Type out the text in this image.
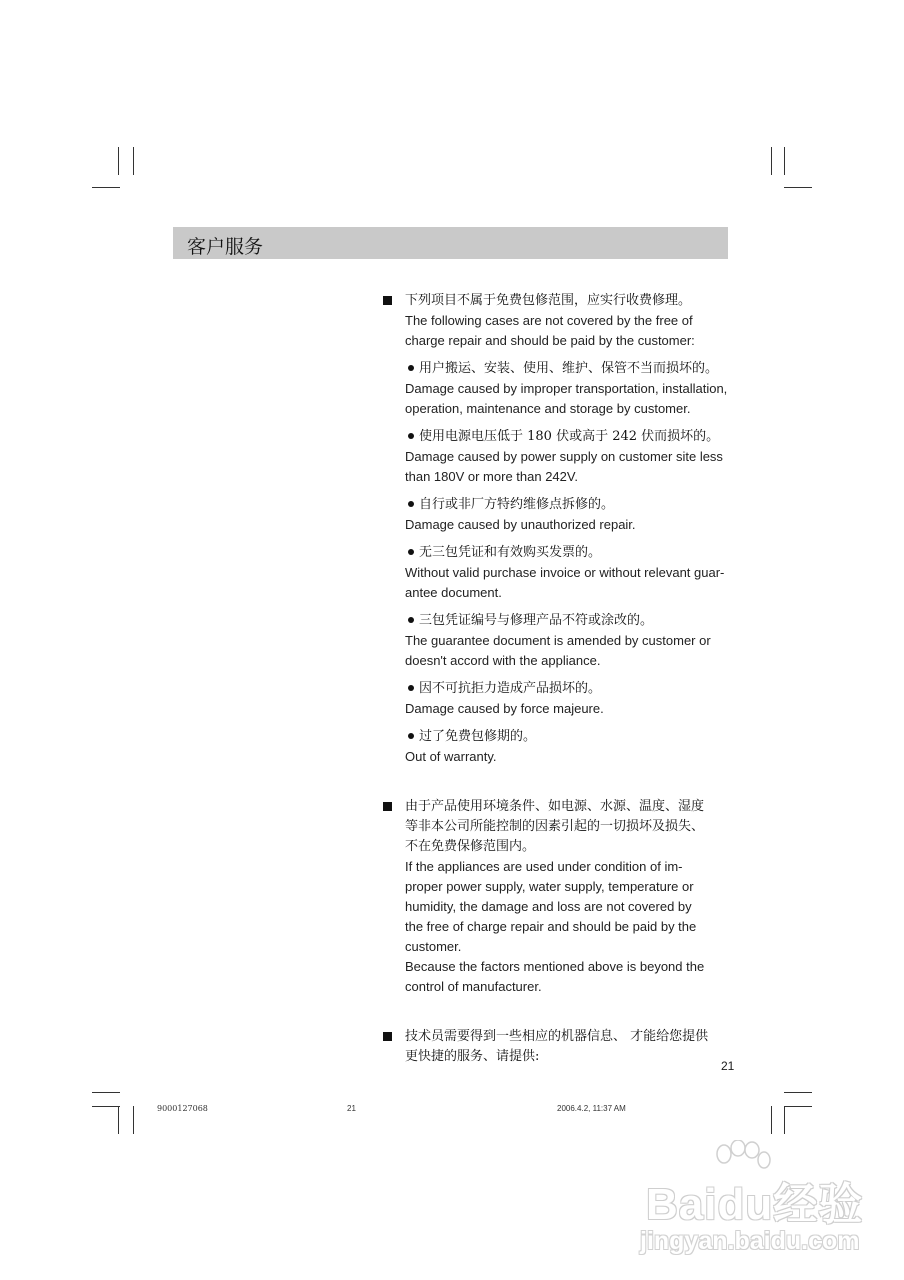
客户服务
下列项目不属于免费包修范围，应实行收费修理。
The following cases are not covered by the free of
charge repair and should be paid by the customer:
用户搬运、安装、使用、维护、保管不当而损坏的。
Damage caused by improper transportation, installation,
operation, maintenance and storage by customer.
使用电源电压低于 180 伏或高于 242 伏而损坏的。
Damage caused by power supply on customer site less
than 180V or more than 242V.
自行或非厂方特约维修点拆修的。
Damage caused by unauthorized repair.
无三包凭证和有效购买发票的。
Without valid purchase invoice or without relevant guar-
antee document.
三包凭证编号与修理产品不符或涂改的。
The guarantee document is amended by customer or
doesn't accord with the appliance.
因不可抗拒力造成产品损坏的。
Damage caused by force majeure.
过了免费包修期的。
Out of warranty.
由于产品使用环境条件、如电源、水源、温度、湿度
等非本公司所能控制的因素引起的一切损坏及损失、
不在免费保修范围内。
If the appliances are used under condition of im-
proper power supply, water supply, temperature or
humidity, the damage and loss are not covered by
the free of charge repair and should be paid by the
customer.
Because the factors mentioned above is beyond the
control of manufacturer.
技术员需要得到一些相应的机器信息、 才能给您提供
更快捷的服务、请提供:
21
9000127068	21	2006.4.2, 11:37 AM
Baidu经验
jingyan.baidu.com
